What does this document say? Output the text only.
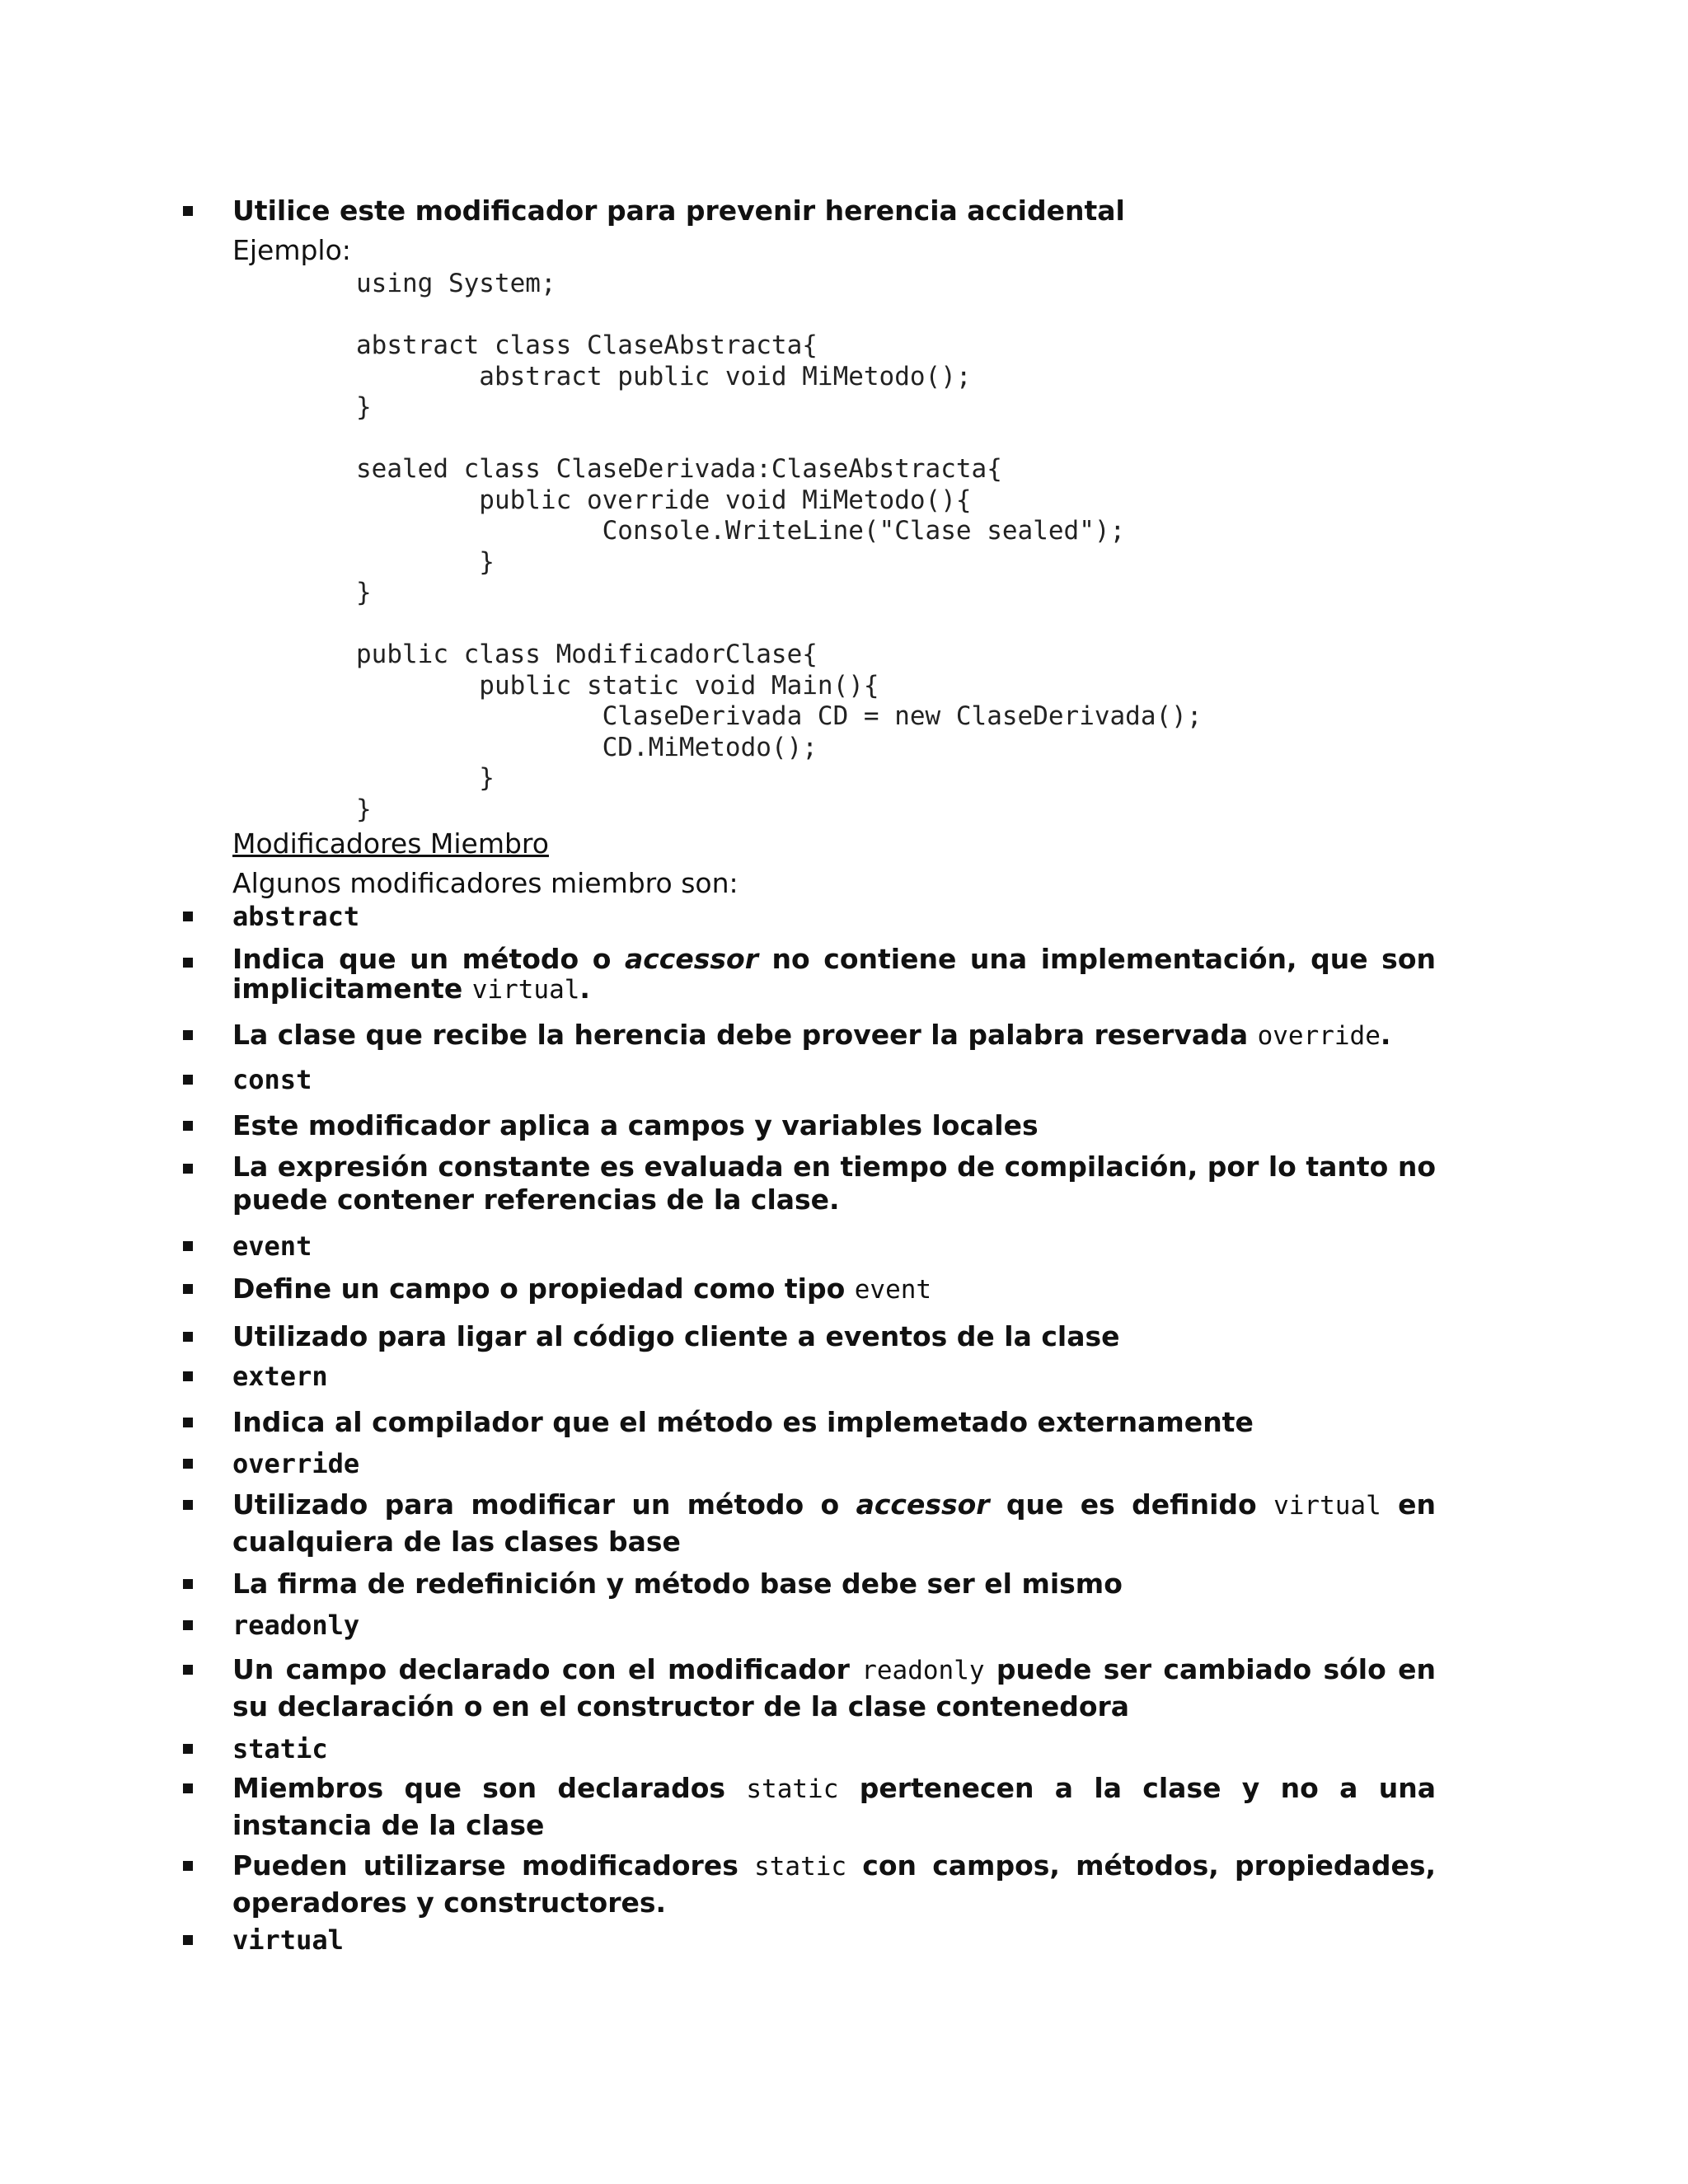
Utilice este modificador para prevenir herencia accidental
Ejemplo:
using System;

abstract class ClaseAbstracta{
abstract public void MiMetodo();
}

sealed class ClaseDerivada:ClaseAbstracta{
public override void MiMetodo(){
Console.WriteLine("Clase sealed");
}
}

public class ModificadorClase{
public static void Main(){
ClaseDerivada CD = new ClaseDerivada();
CD.MiMetodo();
}
}
Modificadores Miembro
Algunos modificadores miembro son:
abstract
Indica que un método o accessor no contiene una implementación, que son implicitamente virtual.
La clase que recibe la herencia debe proveer la palabra reservada override.
const
Este modificador aplica a campos y variables locales
La expresión constante es evaluada en tiempo de compilación, por lo tanto no puede contener referencias de la clase.
event
Define un campo o propiedad como tipo event
Utilizado para ligar al código cliente a eventos de la clase
extern
Indica al compilador que el método es implemetado externamente
override
Utilizado para modificar un método o accessor que es definido virtual en cualquiera de las clases base
La firma de redefinición y método base debe ser el mismo
readonly
Un campo declarado con el modificador readonly puede ser cambiado sólo en su declaración o en el constructor de la clase contenedora
static
Miembros que son declarados static pertenecen a la clase y no a una instancia de la clase
Pueden utilizarse modificadores static con campos, métodos, propiedades, operadores y constructores.
virtual
